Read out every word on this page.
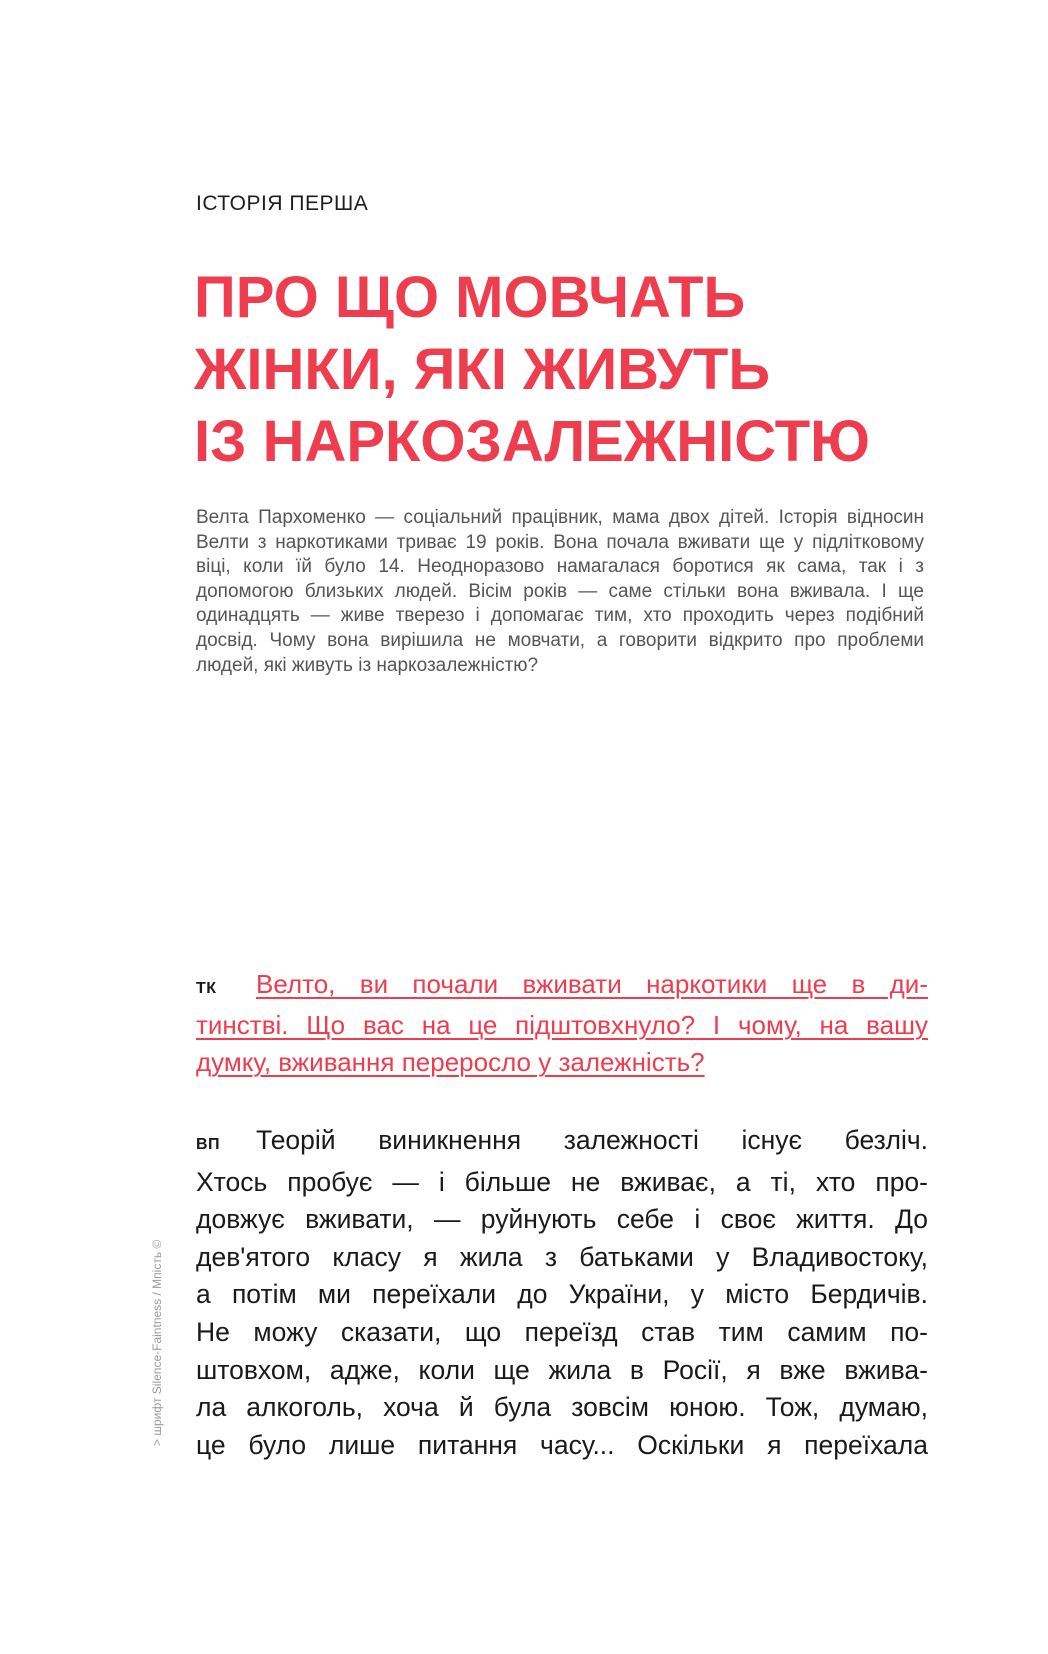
ІСТОРІЯ ПЕРША
ПРО ЩО МОВЧАТЬ
ЖІНКИ, ЯКІ ЖИВУТЬ
ІЗ НАРКОЗАЛЕЖНІСТЮ

Велта Пархоменко — соціальний працівник, мама двох дітей. Історія відносин Велти з наркотиками триває 19 років. Вона почала вживати ще у підлітковому віці, коли їй було 14. Неодноразово намагалася боротися як сама, так і з допомогою близьких людей. Вісім років — саме стільки вона вживала. І ще одинадцять — живе тверезо і допомагає тим, хто проходить через подібний досвід. Чому вона вирішила не мовчати, а говорити відкрито про проблеми людей, які живуть із наркозалежністю?

ТК Велто, ви почали вживати наркотики ще в ди-
тинстві. Що вас на це підштовхнуло? І чому, на вашу
думку, вживання переросло у залежність?
ВП Теорій виникнення залежності існує безліч.
Хтось пробує — і більше не вживає, а ті, хто про-
довжує вживати, — руйнують себе і своє життя. До
дев'ятого класу я жила з батьками у Владивостоку,
а потім ми переїхали до України, у місто Бердичів.
Не можу сказати, що переїзд став тим самим по-
штовхом, адже, коли ще жила в Росії, я вже вжива-
ла алкоголь, хоча й була зовсім юною. Тож, думаю,
це було лише питання часу... Оскільки я переїхала
> шрифт Silence-Faintness / Мпість ©
